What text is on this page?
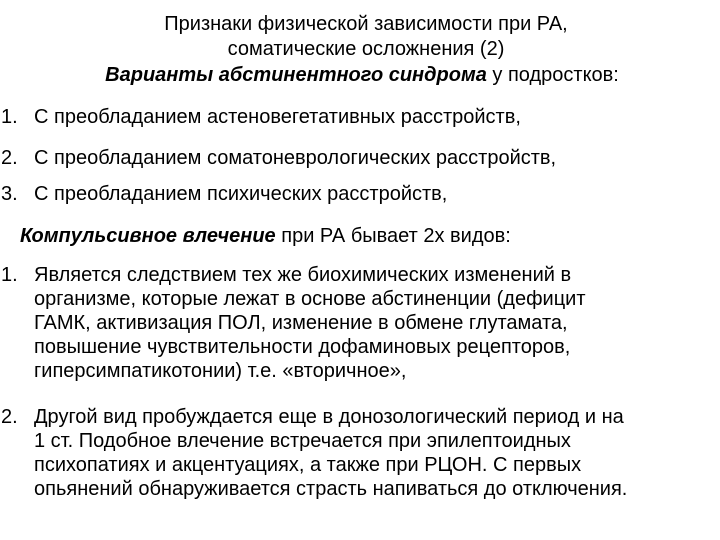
Признаки физической зависимости при РА,
соматические осложнения (2)
Варианты абстинентного синдрома у подростков:
1. С преобладанием астеновегетативных расстройств,
2. С преобладанием соматоневрологических расстройств,
3. С преобладанием психических расстройств,
Компульсивное влечение при РА бывает 2х видов:
1. Является следствием тех же биохимических изменений в
организме, которые лежат в основе абстиненции (дефицит
ГАМК, активизация ПОЛ, изменение в обмене глутамата,
повышение чувствительности дофаминовых рецепторов,
гиперсимпатикотонии) т.е. «вторичное»,
2. Другой вид пробуждается еще в донозологический период и на
1 ст. Подобное влечение встречается при эпилептоидных
психопатиях и акцентуациях, а также при РЦОН. С первых
опьянений обнаруживается страсть напиваться до отключения.
